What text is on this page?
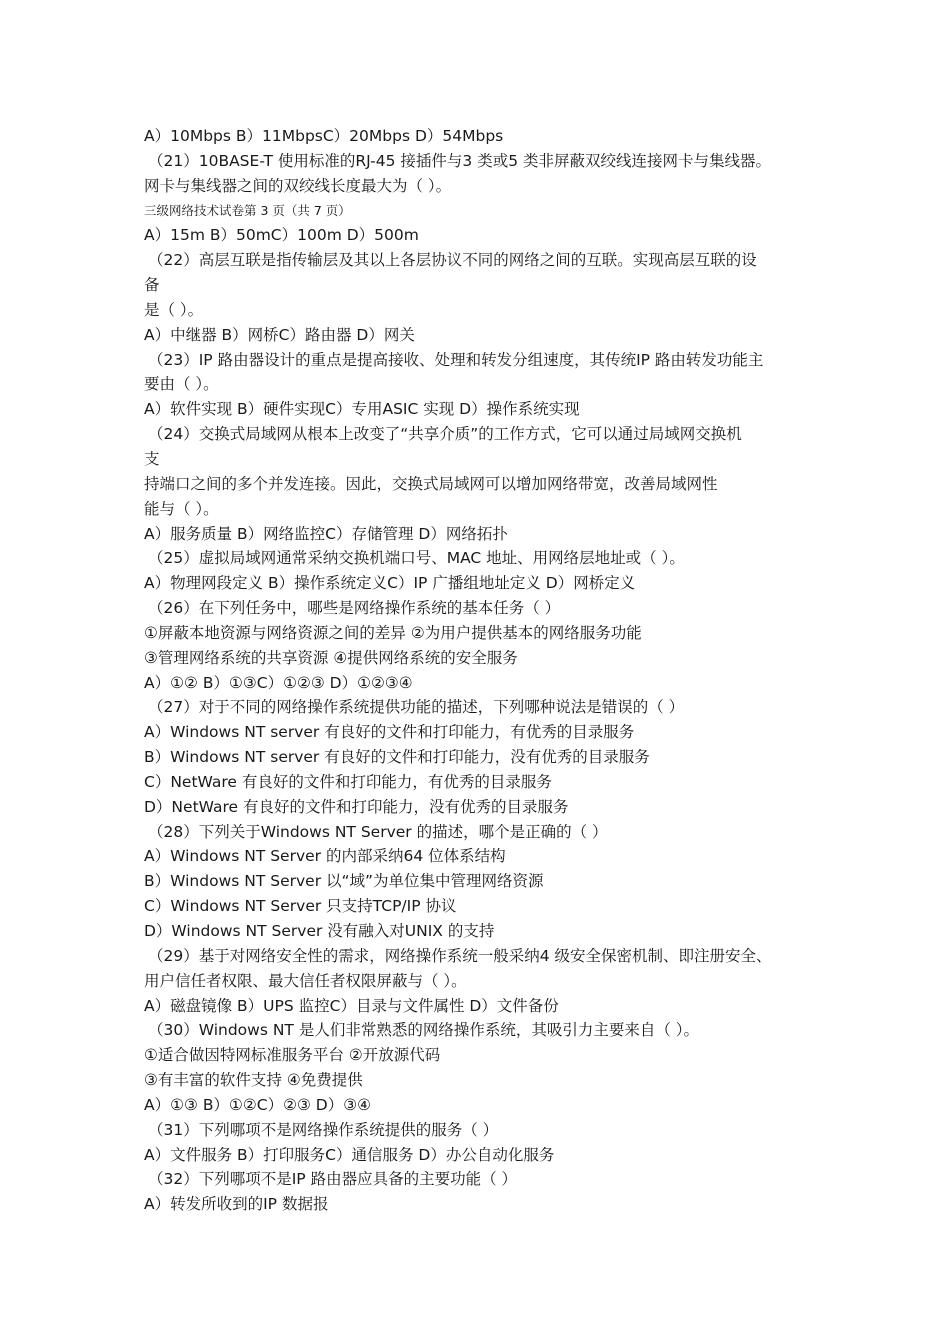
A）10Mbps B）11MbpsC）20Mbps D）54Mbps
（21）10BASE-T 使用标准的RJ-45 接插件与3 类或5 类非屏蔽双绞线连接网卡与集线器。
网卡与集线器之间的双绞线长度最大为（ ）。
三级网络技术试卷第 3 页（共 7 页）
A）15m B）50mC）100m D）500m
（22）高层互联是指传输层及其以上各层协议不同的网络之间的互联。实现高层互联的设
备
是（ ）。
A）中继器 B）网桥C）路由器 D）网关
（23）IP 路由器设计的重点是提高接收、处理和转发分组速度，其传统IP 路由转发功能主
要由（ ）。
A）软件实现 B）硬件实现C）专用ASIC 实现 D）操作系统实现
（24）交换式局域网从根本上改变了“共享介质”的工作方式，它可以通过局域网交换机
支
持端口之间的多个并发连接。因此，交换式局域网可以增加网络带宽，改善局域网性
能与（ ）。
A）服务质量 B）网络监控C）存储管理 D）网络拓扑
（25）虚拟局域网通常采纳交换机端口号、MAC 地址、用网络层地址或（ ）。
A）物理网段定义 B）操作系统定义C）IP 广播组地址定义 D）网桥定义
（26）在下列任务中，哪些是网络操作系统的基本任务（ ）
①屏蔽本地资源与网络资源之间的差异 ②为用户提供基本的网络服务功能
③管理网络系统的共享资源 ④提供网络系统的安全服务
A）①② B）①③C）①②③ D）①②③④
（27）对于不同的网络操作系统提供功能的描述，下列哪种说法是错误的（ ）
A）Windows NT server 有良好的文件和打印能力，有优秀的目录服务
B）Windows NT server 有良好的文件和打印能力，没有优秀的目录服务
C）NetWare 有良好的文件和打印能力，有优秀的目录服务
D）NetWare 有良好的文件和打印能力，没有优秀的目录服务
（28）下列关于Windows NT Server 的描述，哪个是正确的（ ）
A）Windows NT Server 的内部采纳64 位体系结构
B）Windows NT Server 以“域”为单位集中管理网络资源
C）Windows NT Server 只支持TCP/IP 协议
D）Windows NT Server 没有融入对UNIX 的支持
（29）基于对网络安全性的需求，网络操作系统一般采纳4 级安全保密机制、即注册安全、
用户信任者权限、最大信任者权限屏蔽与（ ）。
A）磁盘镜像 B）UPS 监控C）目录与文件属性 D）文件备份
（30）Windows NT 是人们非常熟悉的网络操作系统，其吸引力主要来自（ ）。
①适合做因特网标准服务平台 ②开放源代码
③有丰富的软件支持 ④免费提供
A）①③ B）①②C）②③ D）③④
（31）下列哪项不是网络操作系统提供的服务（ ）
A）文件服务 B）打印服务C）通信服务 D）办公自动化服务
（32）下列哪项不是IP 路由器应具备的主要功能（ ）
A）转发所收到的IP 数据报
